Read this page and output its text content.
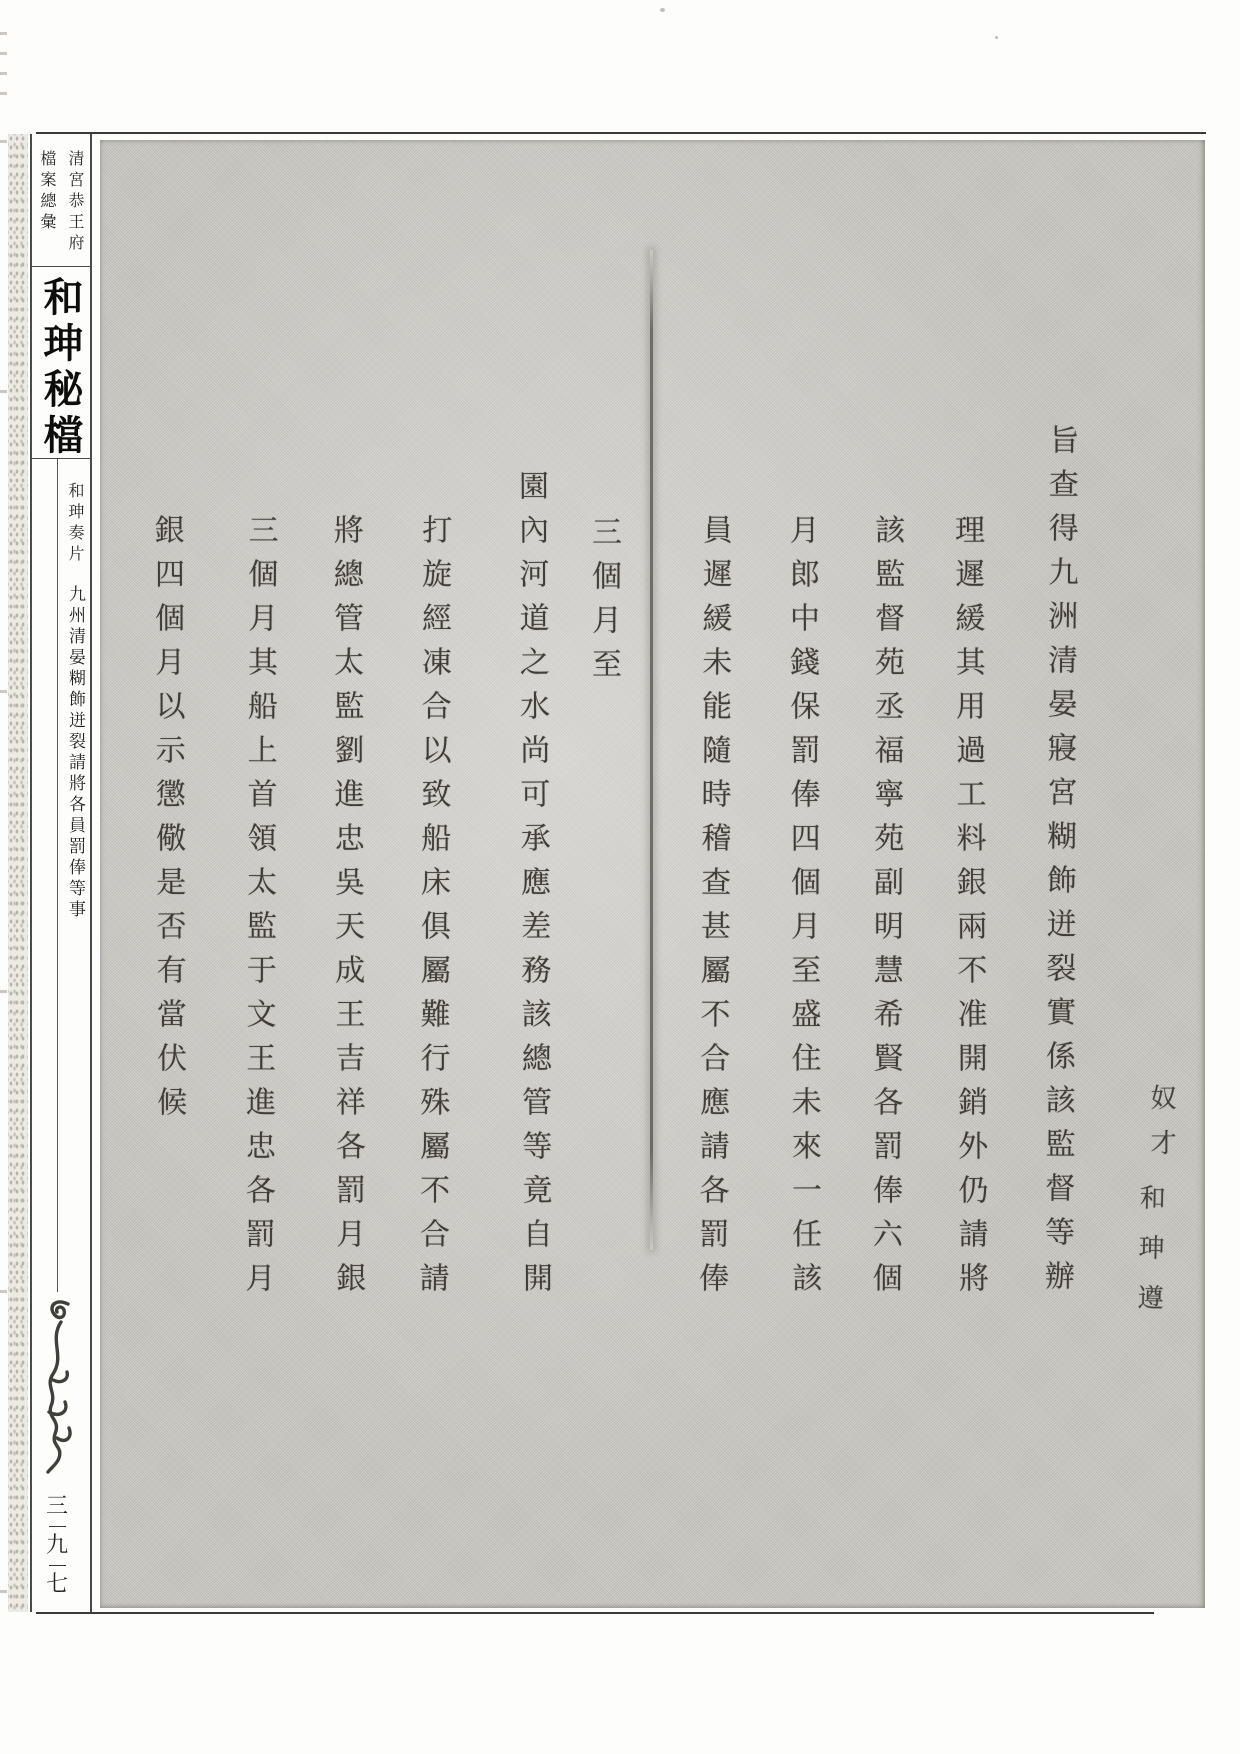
清宮恭王府 檔案總彙
和珅秘檔
和珅奏片 九州清晏糊飾迸裂請將各員罰俸等事
三
九
七
旨查得九洲清晏寢宮糊飾迸裂實係該監督等辦
理遲緩其用過工料銀兩不准開銷外仍請將
該監督苑丞福寧苑副明慧希賢各罰俸六個
月郎中錢保罰俸四個月至盛住未來一任該
員遲緩未能隨時稽查甚屬不合應請各罰俸
三個月至
園內河道之水尚可承應差務該總管等竟自開
打旋經凍合以致船床俱屬難行殊屬不合請
將總管太監劉進忠吳天成王吉祥各罰月銀
三個月其船上首領太監于文王進忠各罰月
銀四個月以示懲儆是否有當伏候	奴才
和珅遵
